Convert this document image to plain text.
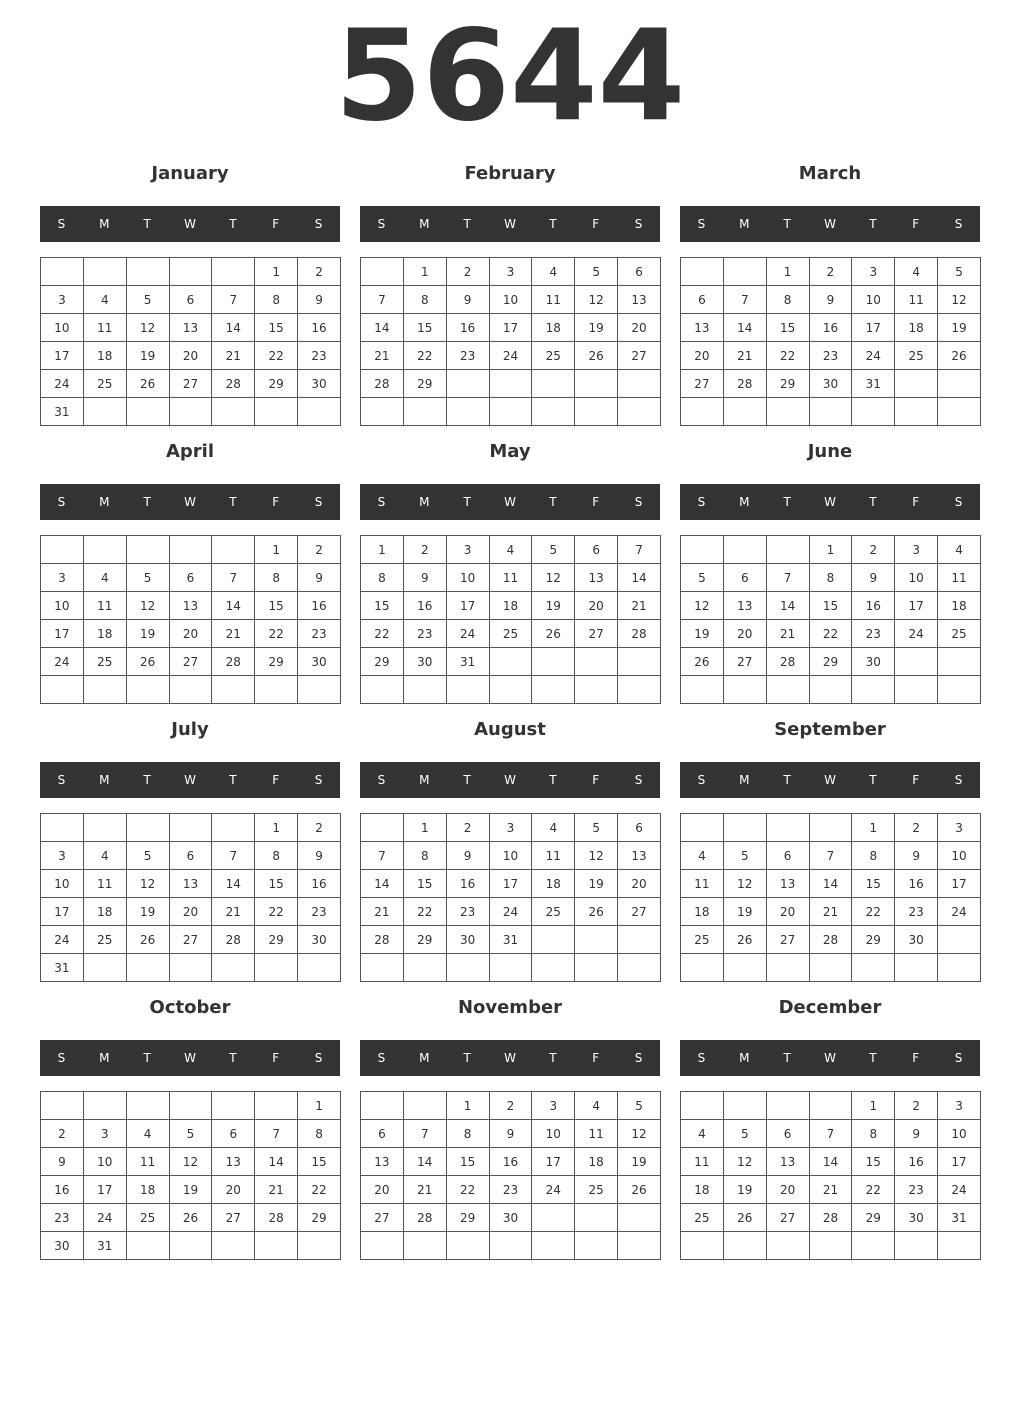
5644
January
S	M	T	W	T	F	S
					1	2
3	4	5	6	7	8	9
10	11	12	13	14	15	16
17	18	19	20	21	22	23
24	25	26	27	28	29	30
31						
February
S	M	T	W	T	F	S
	1	2	3	4	5	6
7	8	9	10	11	12	13
14	15	16	17	18	19	20
21	22	23	24	25	26	27
28	29					

March
S	M	T	W	T	F	S
		1	2	3	4	5
6	7	8	9	10	11	12
13	14	15	16	17	18	19
20	21	22	23	24	25	26
27	28	29	30	31		

April
S	M	T	W	T	F	S
					1	2
3	4	5	6	7	8	9
10	11	12	13	14	15	16
17	18	19	20	21	22	23
24	25	26	27	28	29	30

May
S	M	T	W	T	F	S
1	2	3	4	5	6	7
8	9	10	11	12	13	14
15	16	17	18	19	20	21
22	23	24	25	26	27	28
29	30	31				

June
S	M	T	W	T	F	S
			1	2	3	4
5	6	7	8	9	10	11
12	13	14	15	16	17	18
19	20	21	22	23	24	25
26	27	28	29	30		

July
S	M	T	W	T	F	S
					1	2
3	4	5	6	7	8	9
10	11	12	13	14	15	16
17	18	19	20	21	22	23
24	25	26	27	28	29	30
31						
August
S	M	T	W	T	F	S
	1	2	3	4	5	6
7	8	9	10	11	12	13
14	15	16	17	18	19	20
21	22	23	24	25	26	27
28	29	30	31			

September
S	M	T	W	T	F	S
				1	2	3
4	5	6	7	8	9	10
11	12	13	14	15	16	17
18	19	20	21	22	23	24
25	26	27	28	29	30	

October
S	M	T	W	T	F	S
						1
2	3	4	5	6	7	8
9	10	11	12	13	14	15
16	17	18	19	20	21	22
23	24	25	26	27	28	29
30	31					
November
S	M	T	W	T	F	S
		1	2	3	4	5
6	7	8	9	10	11	12
13	14	15	16	17	18	19
20	21	22	23	24	25	26
27	28	29	30			

December
S	M	T	W	T	F	S
				1	2	3
4	5	6	7	8	9	10
11	12	13	14	15	16	17
18	19	20	21	22	23	24
25	26	27	28	29	30	31
